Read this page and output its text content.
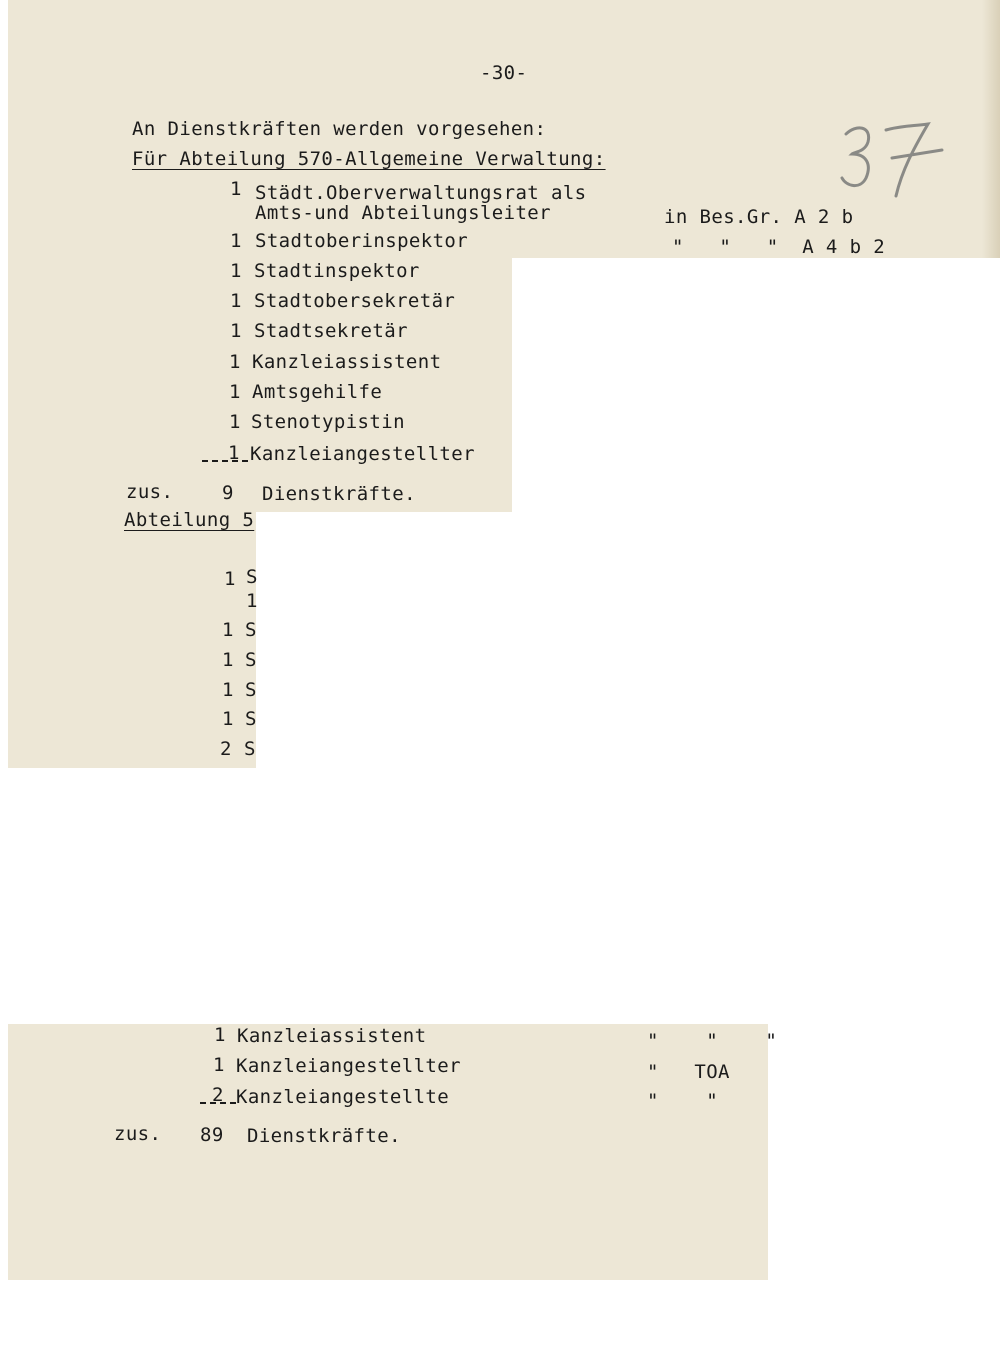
-30-
An Dienstkräften werden vorgesehen:
Für Abteilung 570-Allgemeine Verwaltung:
1 Städt.Oberverwaltungsrat als
Amts-und Abteilungsleiter	in Bes.Gr. A 2 b
1 Stadtoberinspektor	"   "   "  A 4 b 2
1 Stadtinspektor
1 Stadtobersekretär
1 Stadtsekretär
1 Kanzleiassistent
1 Amtsgehilfe
1 Stenotypistin
1 Kanzleiangestellter
zus.	9 Dienstkräfte.
Abteilung 5
1 S
1
1 S
1 S
1 S
1 S
2 S
1 Kanzleiassistent	"    "    "
1 Kanzleiangestellter	"   TOA
2 Kanzleiangestellte	"    "
zus. 89 Dienstkräfte.
